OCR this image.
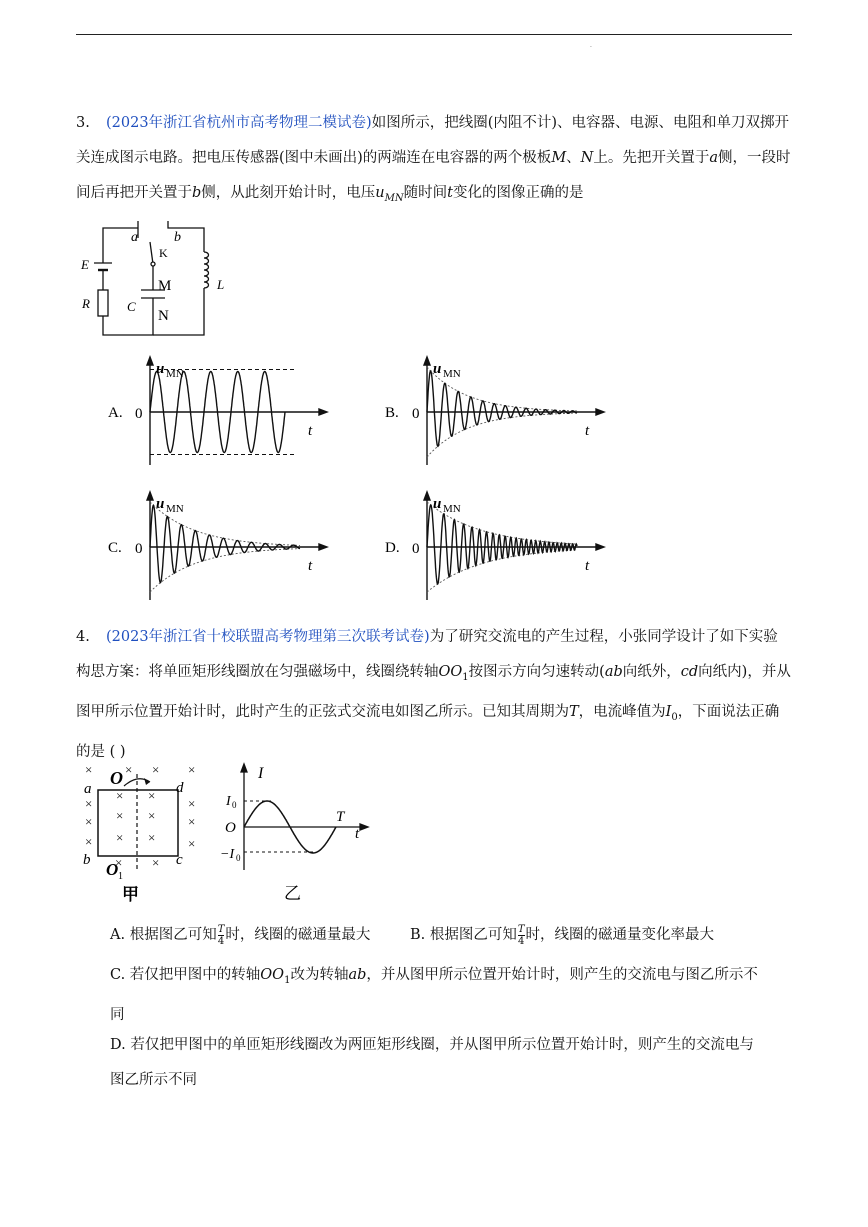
·
3. (2023年浙江省杭州市高考物理二模试卷)如图所示，把线圈(内阻不计)、电容器、电源、电阻和单刀双掷开关连成图示电路。把电压传感器(图中未画出)的两端连在电容器的两个极板M、N上。先把开关置于a侧，一段时间后再把开关置于b侧，从此刻开始计时，电压$u_{MN}$随时间t变化的图像正确的是
a	b
K
E
R	C
M
N
L
A. 0
u MN
t
B. 0
u MN
t
C. 0
u MN
t
D. 0
u MN
t
4. (2023年浙江省十校联盟高考物理第三次联考试卷)为了研究交流电的产生过程，小张同学设计了如下实验构思方案：将单匝矩形线圈放在匀强磁场中，线圈绕转轴$OO_1$按图示方向匀速转动(ab向纸外，cd向纸内)，并从图甲所示位置开始计时，此时产生的正弦式交流电如图乙所示。已知其周期为T，电流峰值为$I_0$，下面说法正确的是 ( )
×
×
×
×
× ×
× ×
× ×
× × ×
×
×
×
× ×
O
a	d
b	c
O 1
甲
I
I 0
O
−I 0
T
t
乙
A. 根据图乙可知 $\frac{T}{4}$ 时，线圈的磁通量最大	B. 根据图乙可知 $\frac{T}{4}$ 时，线圈的磁通量变化率最大
C. 若仅把甲图中的转轴$OO_1$改为转轴ab，并从图甲所示位置开始计时，则产生的交流电与图乙所示不
同
D. 若仅把甲图中的单匝矩形线圈改为两匝矩形线圈，并从图甲所示位置开始计时，则产生的交流电与
图乙所示不同
